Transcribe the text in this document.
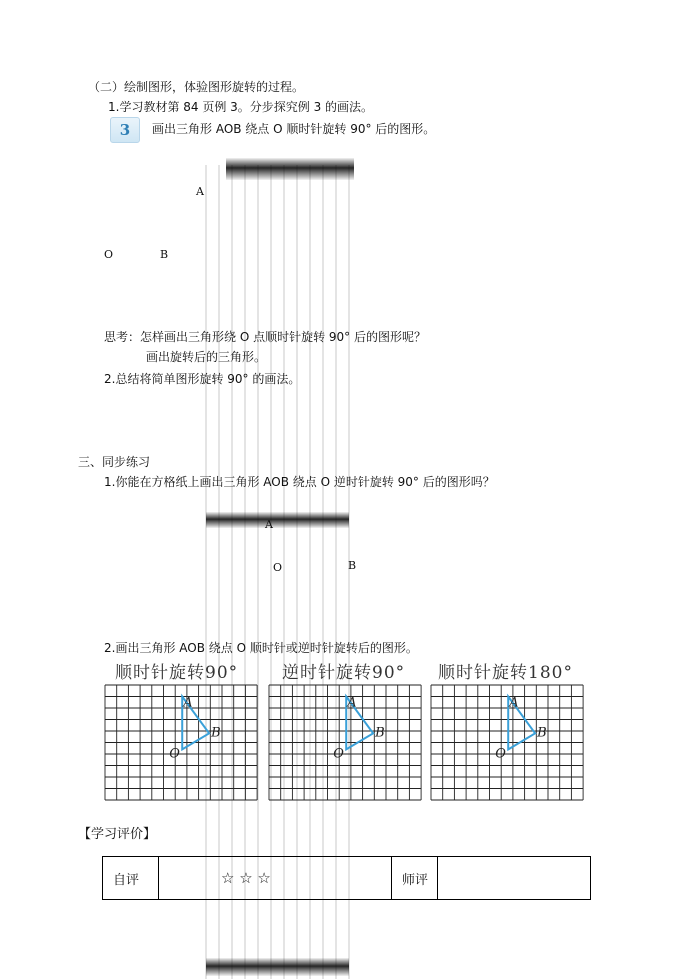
（二）绘制图形，体验图形旋转的过程。
1.学习教材第 84 页例 3。分步探究例 3 的画法。
3	画出三角形 AOB 绕点 O 顺时针旋转 90° 后的图形。
A
O	B
思考：怎样画出三角形绕 O 点顺时针旋转 90° 后的图形呢？
画出旋转后的三角形。
2.总结将简单图形旋转 90° 的画法。
三、同步练习
1.你能在方格纸上画出三角形 AOB 绕点 O 逆时针旋转 90° 后的图形吗？
A
O	B
2.画出三角形 AOB 绕点 O 顺时针或逆时针旋转后的图形。
顺时针旋转90°	逆时针旋转90° 顺时针旋转180°
A
B
O
A
B
O
A
B
O
【学习评价】
自评	☆ ☆ ☆	师评	
